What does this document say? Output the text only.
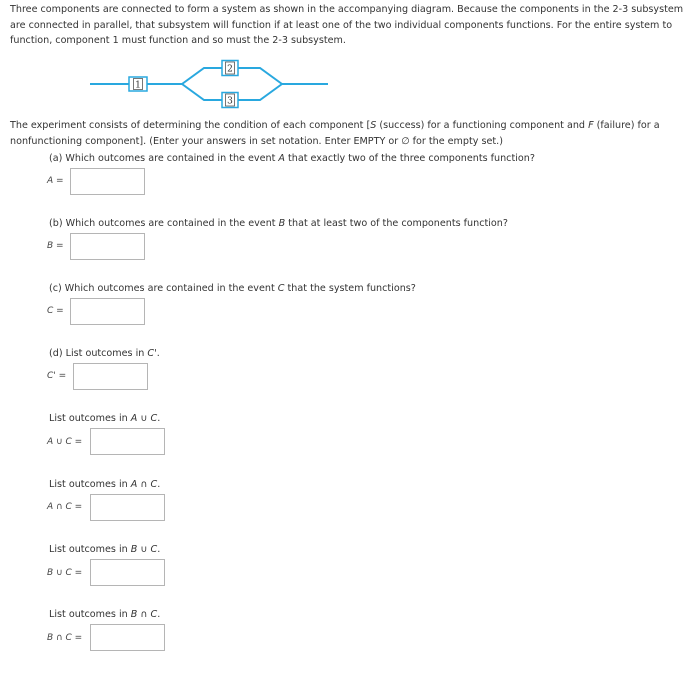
Three components are connected to form a system as shown in the accompanying diagram. Because the components in the 2-3 subsystem are connected in parallel, that subsystem will function if at least one of the two individual components functions. For the entire system to function, component 1 must function and so must the 2-3 subsystem.

1
2
3

The experiment consists of determining the condition of each component [S (success) for a functioning component and F (failure) for a nonfunctioning component]. (Enter your answers in set notation. Enter EMPTY or ∅ for the empty set.)

(a) Which outcomes are contained in the event A that exactly two of the three components function?
A =
(b) Which outcomes are contained in the event B that at least two of the components function?
B =
(c) Which outcomes are contained in the event C that the system functions?
C =
(d) List outcomes in C'.
C' =
List outcomes in A ∪ C.
A ∪ C =
List outcomes in A ∩ C.
A ∩ C =
List outcomes in B ∪ C.
B ∪ C =
List outcomes in B ∩ C.
B ∩ C =
